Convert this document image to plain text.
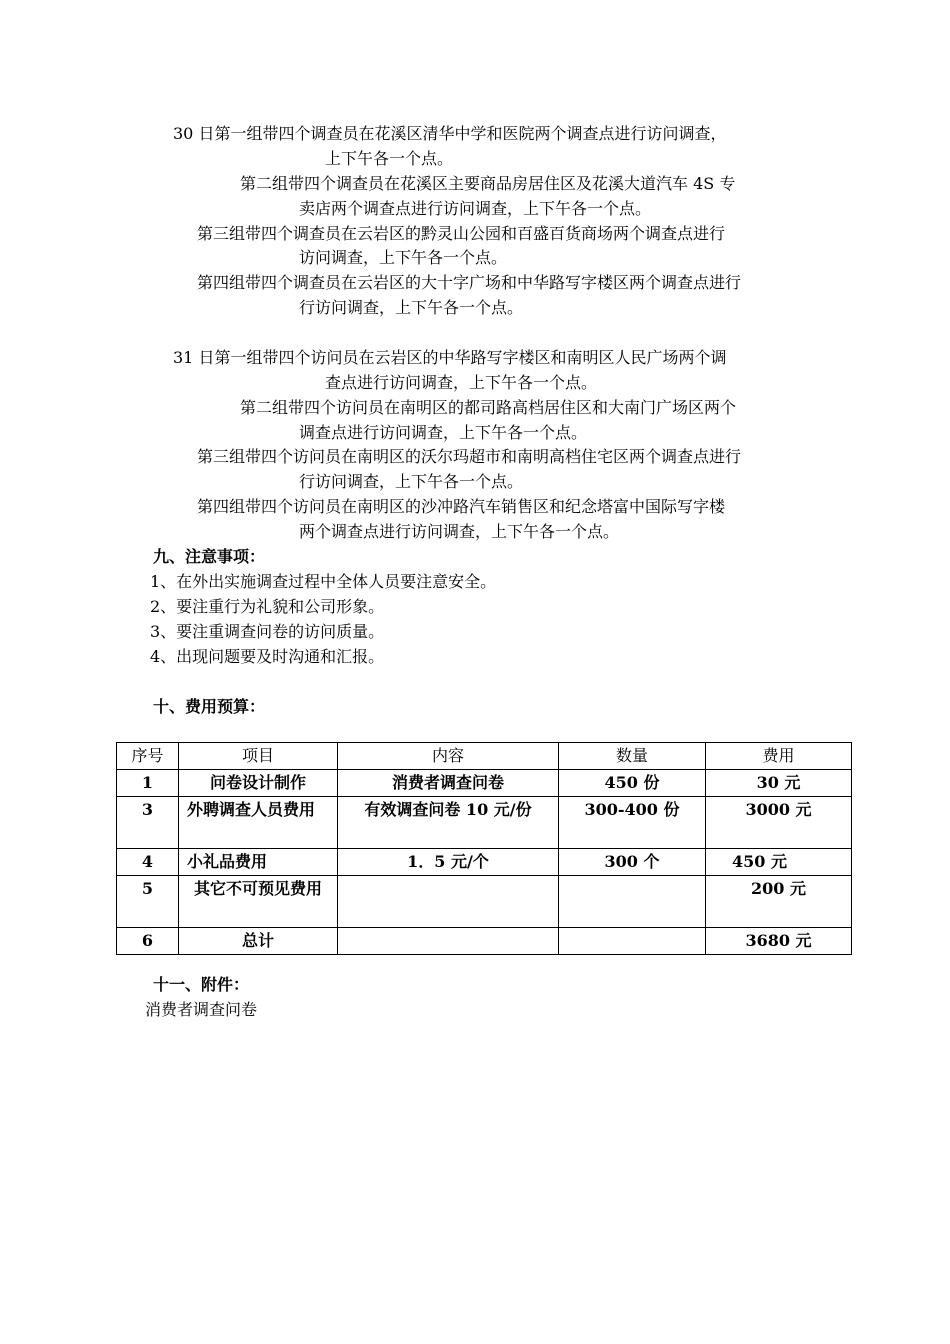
30 日第一组带四个调查员在花溪区清华中学和医院两个调查点进行访问调查，
上下午各一个点。
第二组带四个调查员在花溪区主要商品房居住区及花溪大道汽车 4S 专
卖店两个调查点进行访问调查，上下午各一个点。
第三组带四个调查员在云岩区的黔灵山公园和百盛百货商场两个调查点进行
访问调查，上下午各一个点。
第四组带四个调查员在云岩区的大十字广场和中华路写字楼区两个调查点进行
行访问调查，上下午各一个点。
31 日第一组带四个访问员在云岩区的中华路写字楼区和南明区人民广场两个调
查点进行访问调查，上下午各一个点。
第二组带四个访问员在南明区的都司路高档居住区和大南门广场区两个
调查点进行访问调查，上下午各一个点。
第三组带四个访问员在南明区的沃尔玛超市和南明高档住宅区两个调查点进行
行访问调查，上下午各一个点。
第四组带四个访问员在南明区的沙冲路汽车销售区和纪念塔富中国际写字楼
两个调查点进行访问调查，上下午各一个点。
九、注意事项：
1、在外出实施调查过程中全体人员要注意安全。
2、要注重行为礼貌和公司形象。
3、要注重调查问卷的访问质量。
4、出现问题要及时沟通和汇报。
十、费用预算：
序号	项目	内容	数量	费用
1	问卷设计制作	消费者调查问卷	450 份	30 元
3	外聘调查人员费用	有效调查问卷 10 元/份	300-400 份	3000 元
4	小礼品费用	1．5 元/个	300 个	450 元
5	其它不可预见费用			200 元
6	总计			3680 元
十一、附件：
消费者调查问卷
